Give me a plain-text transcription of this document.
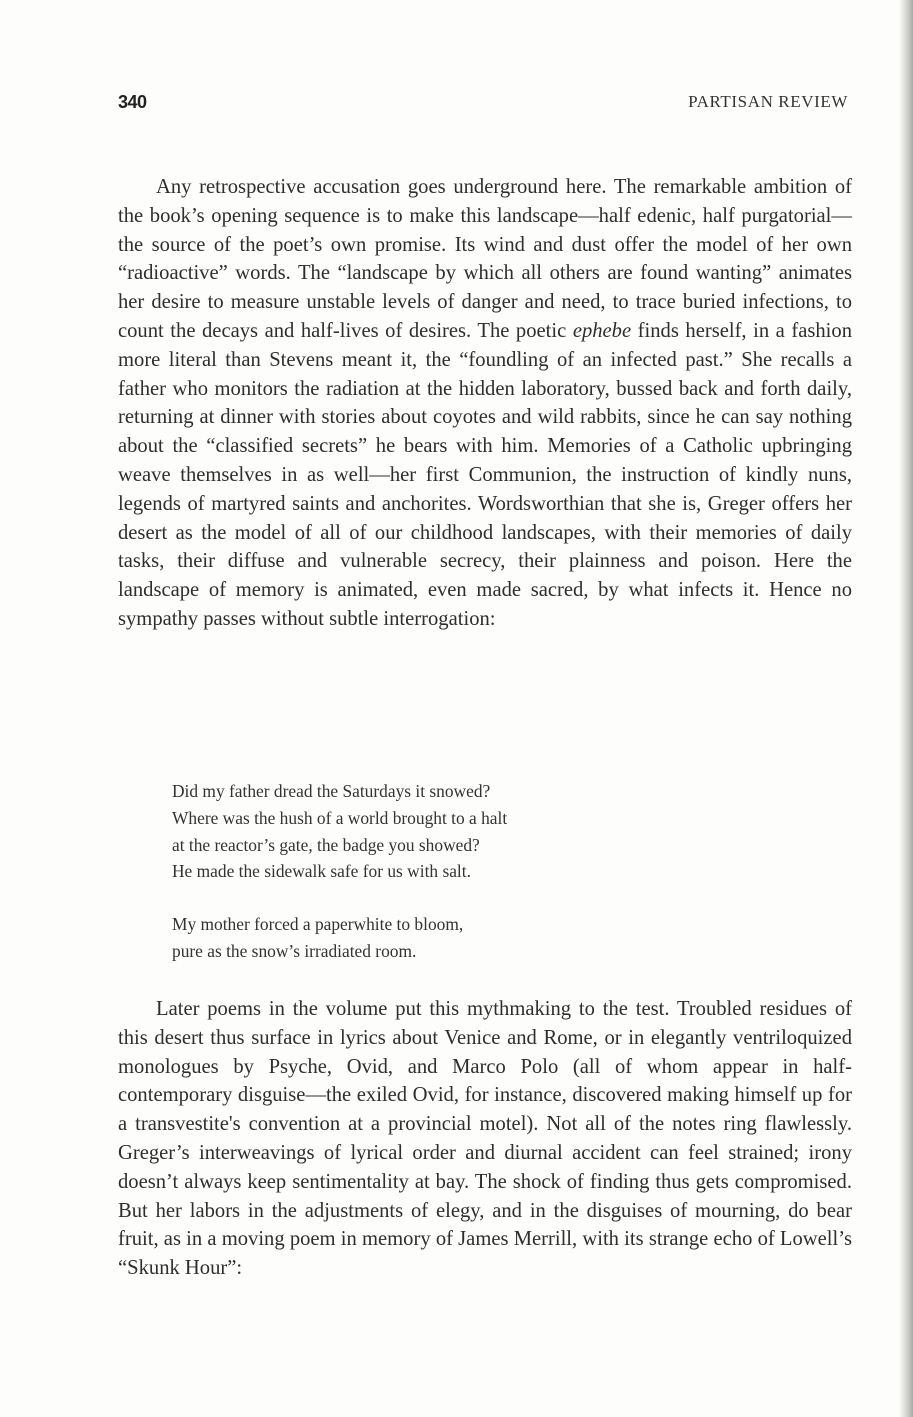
340	PARTISAN REVIEW

Any retrospective accusation goes underground here. The remarkable ambition of the book’s opening sequence is to make this landscape—half edenic, half purgatorial—the source of the poet’s own promise. Its wind and dust offer the model of her own “radioactive” words. The “landscape by which all others are found wanting” animates her desire to measure unstable levels of danger and need, to trace buried infections, to count the decays and half-lives of desires. The poetic ephebe finds herself, in a fashion more literal than Stevens meant it, the “foundling of an infected past.” She recalls a father who monitors the radiation at the hidden laboratory, bussed back and forth daily, returning at dinner with stories about coyotes and wild rabbits, since he can say nothing about the “classified secrets” he bears with him. Memories of a Catholic upbringing weave themselves in as well—her first Communion, the instruction of kindly nuns, legends of martyred saints and anchorites. Wordsworthian that she is, Greger offers her desert as the model of all of our childhood landscapes, with their memories of daily tasks, their diffuse and vulnerable secrecy, their plainness and poison. Here the landscape of memory is animated, even made sacred, by what infects it. Hence no sympathy passes without subtle interrogation:

Did my father dread the Saturdays it snowed?
Where was the hush of a world brought to a halt
at the reactor’s gate, the badge you showed?
He made the sidewalk safe for us with salt.
My mother forced a paperwhite to bloom,
pure as the snow’s irradiated room.

Later poems in the volume put this mythmaking to the test. Troubled residues of this desert thus surface in lyrics about Venice and Rome, or in elegantly ventriloquized monologues by Psyche, Ovid, and Marco Polo (all of whom appear in half-contemporary disguise—the exiled Ovid, for instance, discovered making himself up for a transvestite's convention at a provincial motel). Not all of the notes ring flawlessly. Greger’s interweavings of lyrical order and diurnal accident can feel strained; irony doesn’t always keep sentimentality at bay. The shock of finding thus gets compromised. But her labors in the adjustments of elegy, and in the disguises of mourning, do bear fruit, as in a moving poem in memory of James Merrill, with its strange echo of Lowell’s “Skunk Hour”:
